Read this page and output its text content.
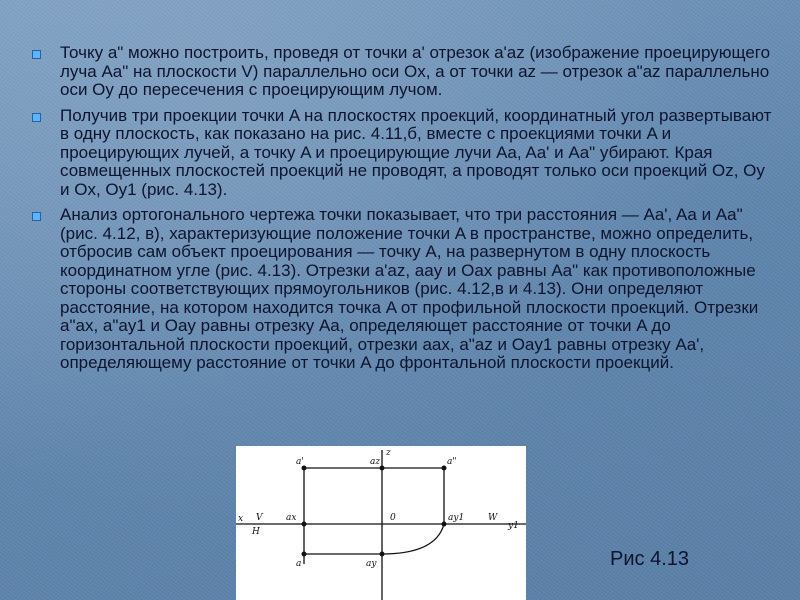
Точку a" можно построить, проведя от точки a' отрезок a'az (изображение проецирующего луча Aa" на плоскости V) параллельно оси Ox, а от точки az — отрезок a"az параллельно оси Oy до пересечения с проецирующим лучом.
Получив три проекции точки A на плоскостях проекций, координатный угол развертывают в одну плоскость, как показано на рис. 4.11,б, вместе с проекциями точки A и проецирующих лучей, а точку A и проецирующие лучи Aa, Aa' и Aa" убирают. Края совмещенных плоскостей проекций не проводят, а проводят только оси проекций Oz, Oy и Ox, Oy1 (рис. 4.13).
Анализ ортогонального чертежа точки показывает, что три расстояния — Aa', Aa и Aa" (рис. 4.12, в), характеризующие положение точки A в пространстве, можно определить, отбросив сам объект проецирования — точку A, на развернутом в одну плоскость координатном угле (рис. 4.13). Отрезки a'az, aay и Oax равны Aa" как противоположные стороны соответствующих прямоугольников (рис. 4.12,в и 4.13). Они определяют расстояние, на котором находится точка A от профильной плоскости проекций. Отрезки a"ax, a"ay1 и Oay равны отрезку Aa, определяющет расстояние от точки A до горизонтальной плоскости проекций, отрезки aax, a"az и Oay1 равны отрезку Aa', определяющему расстояние от точки A до фронтальной плоскости проекций.
z
a'	az	a"
x V
H
ax	0	ay1	W
y1
a	ay	Рис 4.13
